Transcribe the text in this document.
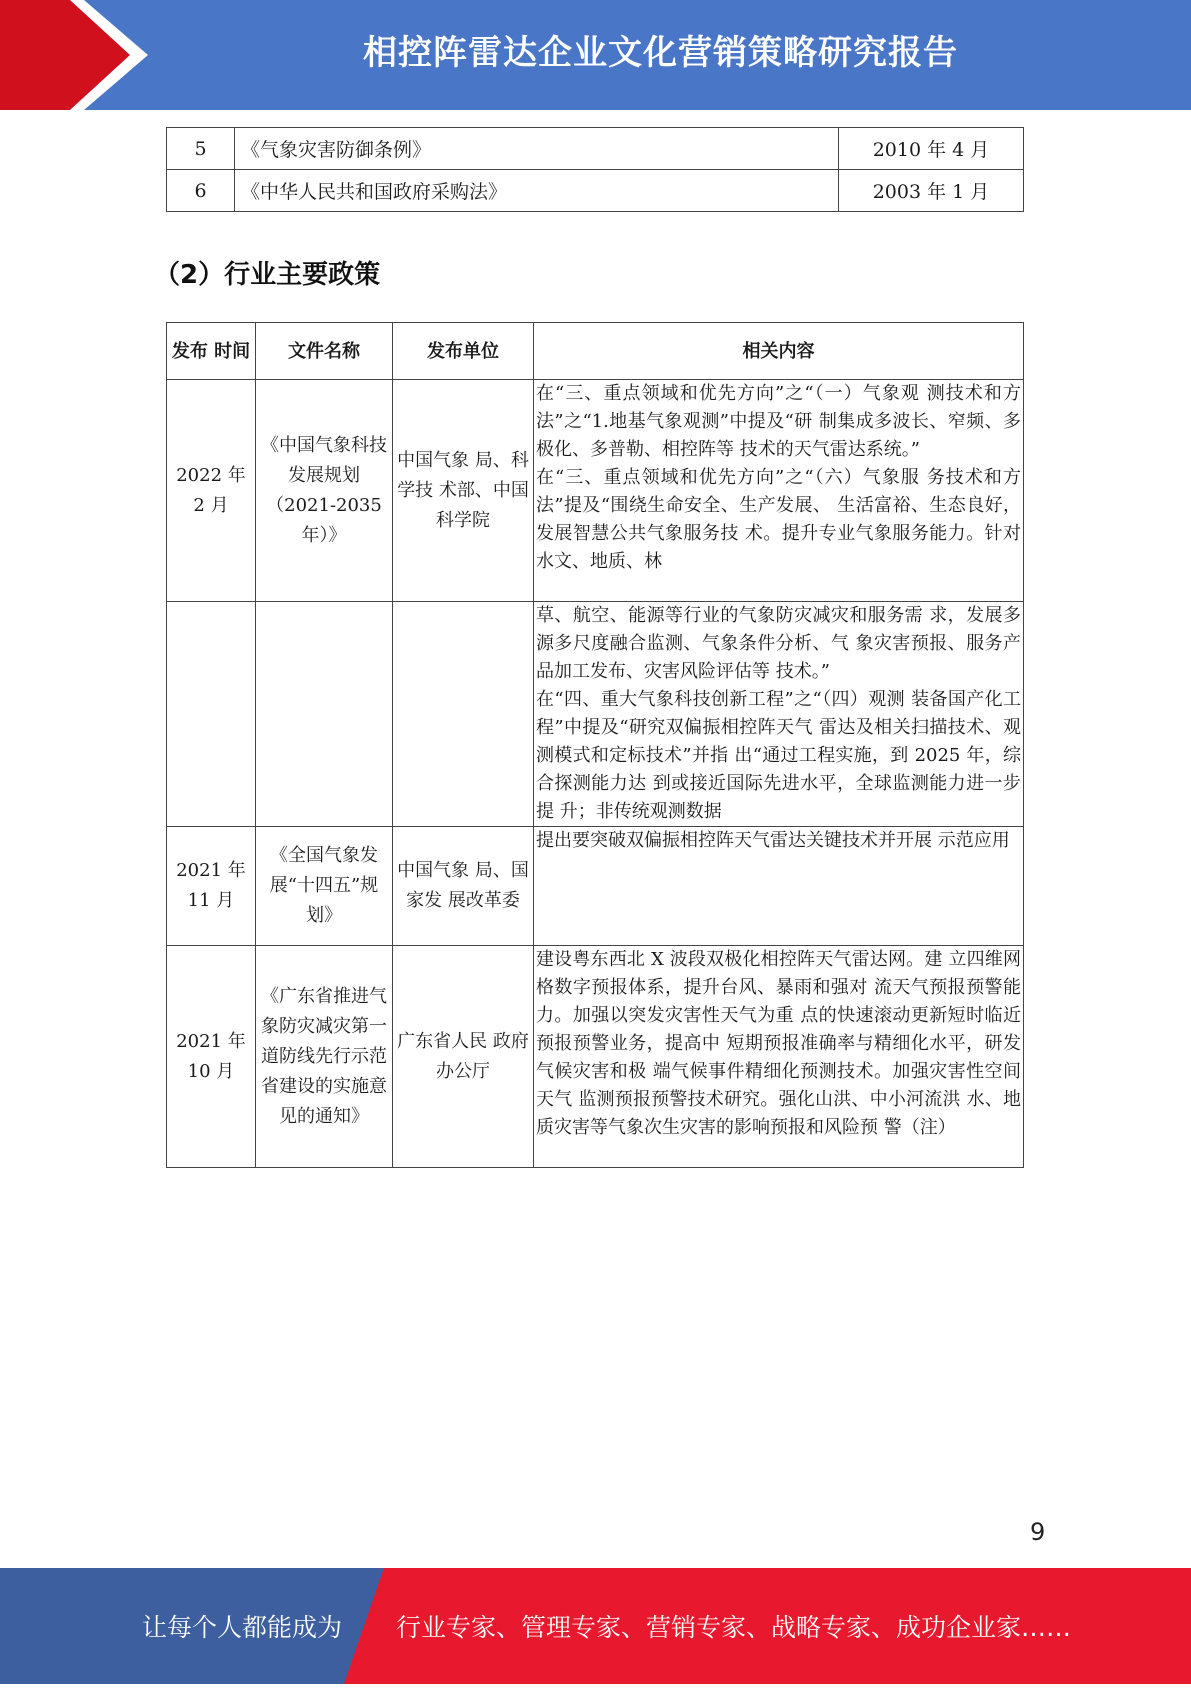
相控阵雷达企业文化营销策略研究报告
5	《气象灾害防御条例》	2010 年 4 月
6	《中华人民共和国政府采购法》	2003 年 1 月
（2）行业主要政策
发布 时间	文件名称	发布单位	相关内容
2022 年 2 月	《中国气象科技发展规划（2021-2035 年）》	中国气象 局、科学技 术部、中国 科学院	在“三、重点领域和优先方向”之“（一）气象观 测技术和方法”之“1.地基气象观测”中提及“研 制集成多波长、窄频、多极化、多普勒、相控阵等 技术的天气雷达系统。”

在“三、重点领域和优先方向”之“（六）气象服 务技术和方法”提及“围绕生命安全、生产发展、 生活富裕、生态良好，发展智慧公共气象服务技 术。提升专业气象服务能力。针对水文、地质、林

			草、航空、能源等行业的气象防灾减灾和服务需 求，发展多源多尺度融合监测、气象条件分析、气 象灾害预报、服务产品加工发布、灾害风险评估等 技术。”

在“四、重大气象科技创新工程”之“（四）观测 装备国产化工程”中提及“研究双偏振相控阵天气 雷达及相关扫描技术、观测模式和定标技术”并指 出“通过工程实施，到 2025 年，综合探测能力达 到或接近国际先进水平，全球监测能力进一步提 升；非传统观测数据

2021 年 11 月	《全国气象发展“十四五”规划》	中国气象 局、国家发 展改革委	提出要突破双偏振相控阵天气雷达关键技术并开展 示范应用

2021 年 10 月	《广东省推进气象防灾减灾第一道防线先行示范省建设的实施意见的通知》	广东省人民 政府办公厅	建设粤东西北 X 波段双极化相控阵天气雷达网。建 立四维网格数字预报体系，提升台风、暴雨和强对 流天气预报预警能力。加强以突发灾害性天气为重 点的快速滚动更新短时临近预报预警业务，提高中 短期预报准确率与精细化水平，研发气候灾害和极 端气候事件精细化预测技术。加强灾害性空间天气 监测预报预警技术研究。强化山洪、中小河流洪 水、地质灾害等气象次生灾害的影响预报和风险预 警（注）

9
让每个人都能成为 行业专家、管理专家、营销专家、战略专家、成功企业家……
